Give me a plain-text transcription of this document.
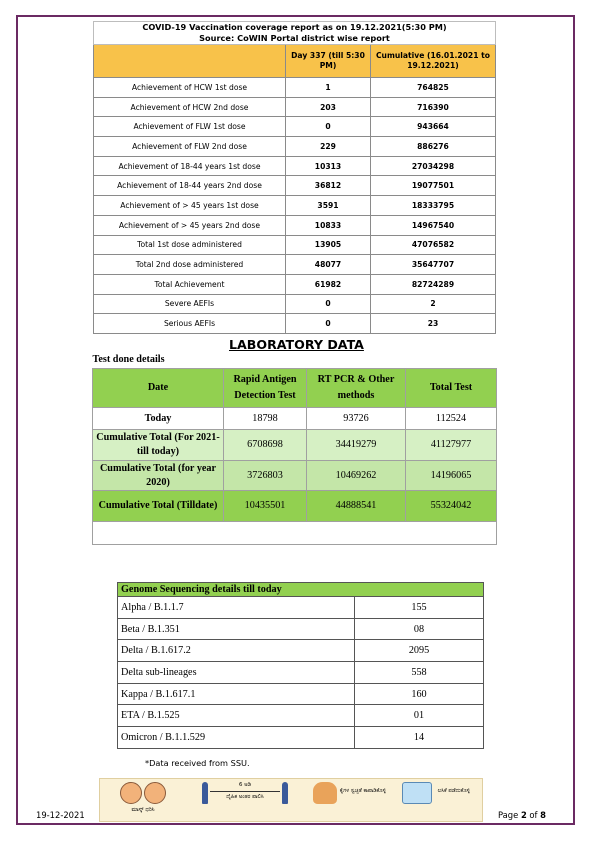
COVID-19 Vaccination coverage report as on 19.12.2021(5:30 PM)
Source: CoWIN Portal district wise report		
	Day 337 (till 5:30 PM)	Cumulative (16.01.2021 to 19.12.2021)
Achievement of HCW 1st dose	1	764825
Achievement of HCW 2nd dose	203	716390
Achievement of FLW 1st dose	0	943664
Achievement of FLW 2nd dose	229	886276
Achievement of 18-44 years 1st dose	10313	27034298
Achievement of 18-44 years 2nd dose	36812	19077501
Achievement of > 45 years 1st dose	3591	18333795
Achievement of > 45 years 2nd dose	10833	14967540
Total 1st dose administered	13905	47076582
Total 2nd dose administered	48077	35647707
Total Achievement	61982	82724289
Severe AEFIs	0	2
Serious AEFIs	0	23
LABORATORY DATA
Test done details			
Date	Rapid Antigen Detection Test	RT PCR & Other methods	Total Test
Today	18798	93726	112524
Cumulative Total (For 2021- till today)	6708698	34419279	41127977
Cumulative Total (for year 2020)	3726803	10469262	14196065
Cumulative Total (Tilldate)	10435501	44888541	55324042

Genome Sequencing details till today	
Alpha / B.1.1.7	155
Beta / B.1.351	08
Delta / B.1.617.2	2095
Delta sub-lineages	558
Kappa / B.1.617.1	160
ETA / B.1.525	01
Omicron / B.1.1.529	14
*Data received from SSU.

ಮಾಸ್ಕ್ ಧರಿಸಿ
6 ಅಡಿ

ದೈಹಿಕ ಅಂತರ ಪಾಲಿಸಿ
ಕೈಗಳ ಸ್ವಚ್ಛತೆ ಕಾಪಾಡಿಕೊಳ್ಳಿ	ಲಸಿಕೆ ಪಡೆದುಕೊಳ್ಳಿ
19-12-2021	Page 2 of 8
